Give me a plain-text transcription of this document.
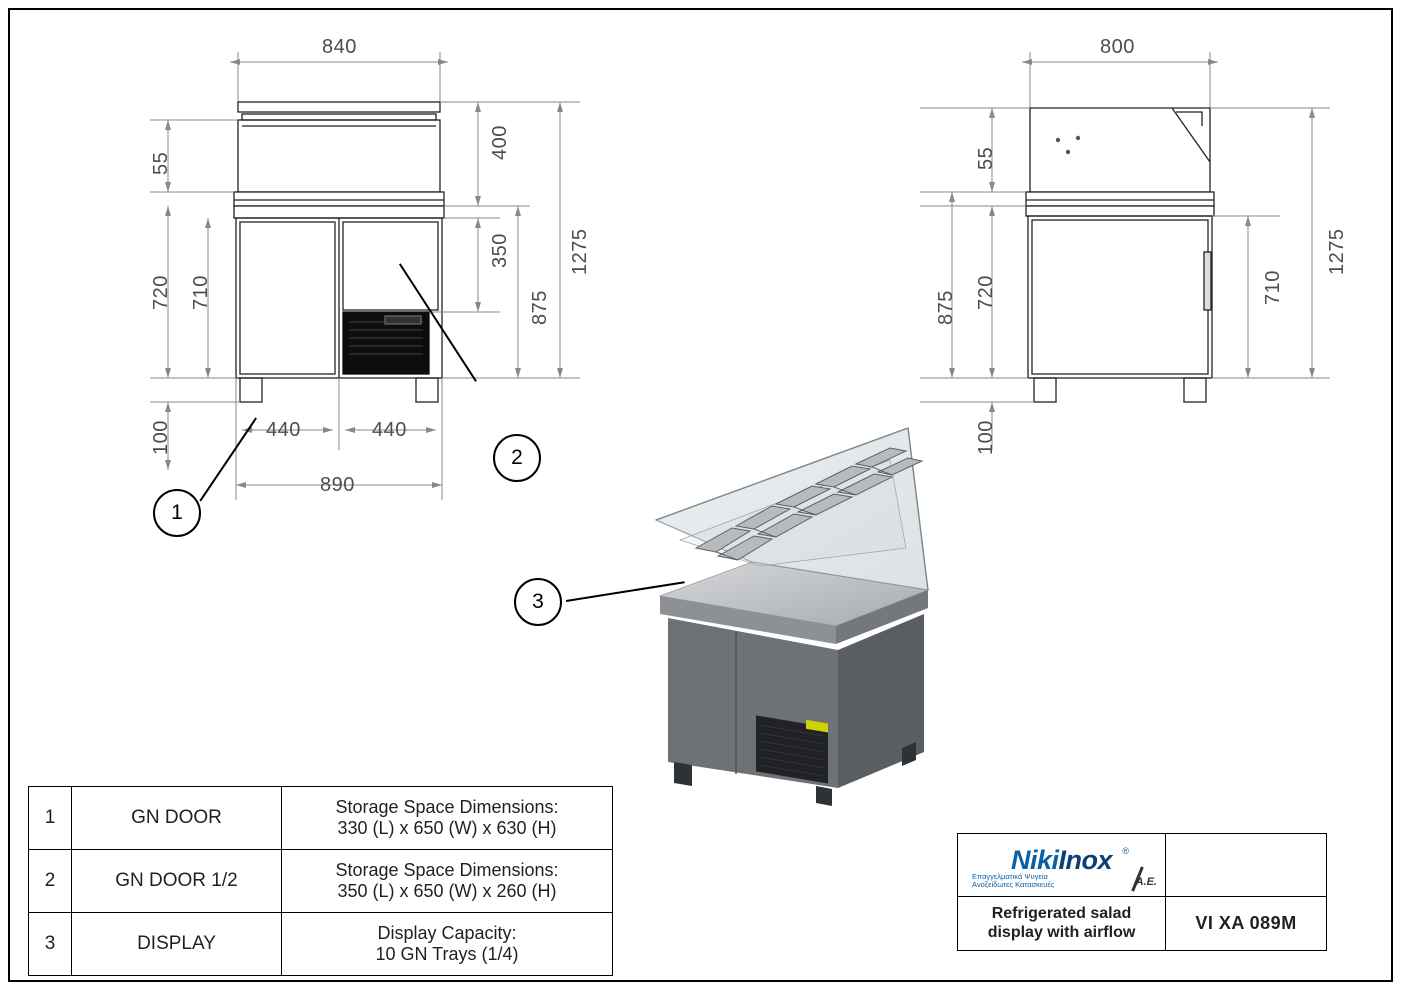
840
55
720 710
100	440	440
890
400
350
875
1275
800
55
720
875
100
710
1275
1
2
3
1	GN DOOR	Storage Space Dimensions:
330 (L) x 650 (W) x 630 (H)

2	GN DOOR 1/2	Storage Space Dimensions:
350 (L) x 650 (W) x 260 (H)

3	DISPLAY	Display Capacity:
10 GN Trays (1/4)
NikiInox ®
Επαγγελματικά Ψυγεία
Ανοξείδωτες Κατασκευές	A.E.
Refrigerated salad
display with airflow	VI XA 089M
